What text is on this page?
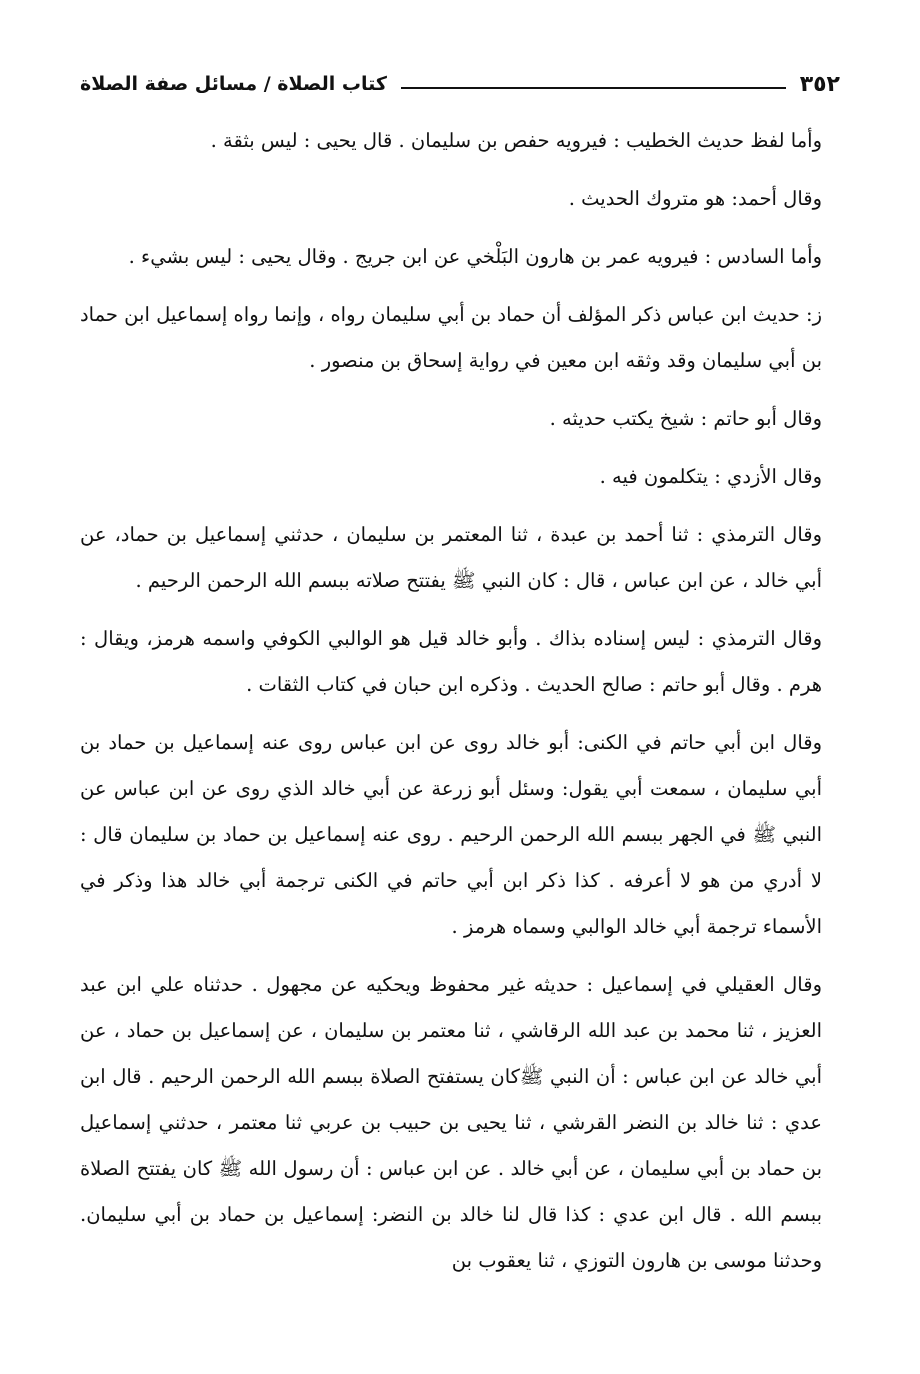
٣٥٢
كتاب الصلاة / مسائل صفة الصلاة

وأما لفظ حديث الخطيب : فيرويه حفص بن سليمان . قال يحيى : ليس بثقة .

وقال أحمد: هو متروك الحديث .

وأما السادس : فيرويه عمر بن هارون البَلْخي عن ابن جريج . وقال يحيى : ليس بشيء .

ز: حديث ابن عباس ذكر المؤلف أن حماد بن أبي سليمان رواه ، وإنما رواه إسماعيل ابن حماد بن أبي سليمان وقد وثقه ابن معين في رواية إسحاق بن منصور .

وقال أبو حاتم : شيخ يكتب حديثه .

وقال الأزدي : يتكلمون فيه .

وقال الترمذي : ثنا أحمد بن عبدة ، ثنا المعتمر بن سليمان ، حدثني إسماعيل بن حماد، عن أبي خالد ، عن ابن عباس ، قال : كان النبي ﷺ يفتتح صلاته ببسم الله الرحمن الرحيم .

وقال الترمذي : ليس إسناده بذاك . وأبو خالد قيل هو الوالبي الكوفي واسمه هرمز، ويقال : هرم . وقال أبو حاتم : صالح الحديث . وذكره ابن حبان في كتاب الثقات .

وقال ابن أبي حاتم في الكنى: أبو خالد روى عن ابن عباس روى عنه إسماعيل بن حماد بن أبي سليمان ، سمعت أبي يقول: وسئل أبو زرعة عن أبي خالد الذي روى عن ابن عباس عن النبي ﷺ في الجهر ببسم الله الرحمن الرحيم . روى عنه إسماعيل بن حماد بن سليمان قال : لا أدري من هو لا أعرفه . كذا ذكر ابن أبي حاتم في الكنى ترجمة أبي خالد هذا وذكر في الأسماء ترجمة أبي خالد الوالبي وسماه هرمز .

وقال العقيلي في إسماعيل : حديثه غير محفوظ ويحكيه عن مجهول . حدثناه علي ابن عبد العزيز ، ثنا محمد بن عبد الله الرقاشي ، ثنا معتمر بن سليمان ، عن إسماعيل بن حماد ، عن أبي خالد عن ابن عباس : أن النبي ﷺكان يستفتح الصلاة ببسم الله الرحمن الرحيم . قال ابن عدي : ثنا خالد بن النضر القرشي ، ثنا يحيى بن حبيب بن عربي ثنا معتمر ، حدثني إسماعيل بن حماد بن أبي سليمان ، عن أبي خالد . عن ابن عباس : أن رسول الله ﷺ كان يفتتح الصلاة ببسم الله . قال ابن عدي : كذا قال لنا خالد بن النضر: إسماعيل بن حماد بن أبي سليمان. وحدثنا موسى بن هارون التوزي ، ثنا يعقوب بن
